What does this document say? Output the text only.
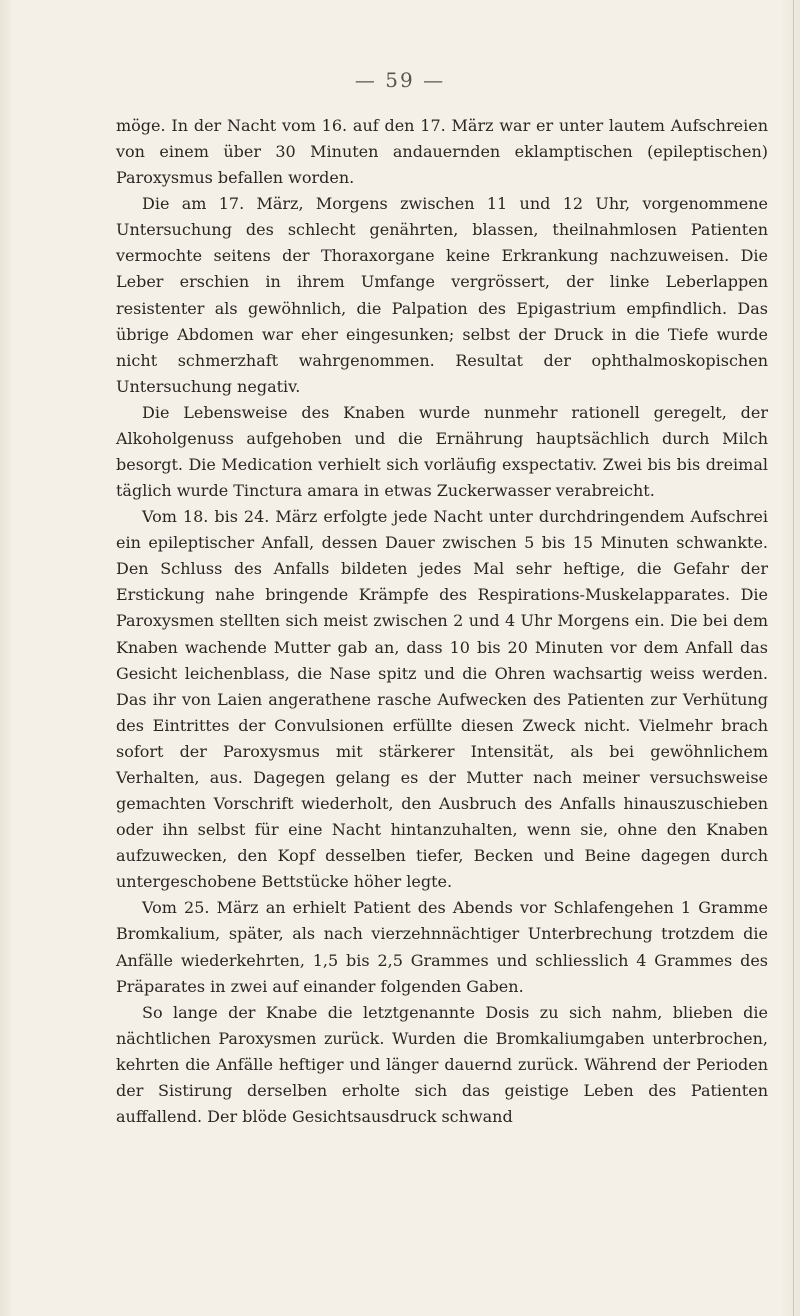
— 59 —

möge. In der Nacht vom 16. auf den 17. März war er unter lautem Aufschreien von einem über 30 Minuten andauernden eklamptischen (epileptischen) Paroxysmus befallen worden.

Die am 17. März, Morgens zwischen 11 und 12 Uhr, vorgenommene Untersuchung des schlecht genährten, blassen, theilnahmlosen Patienten vermochte seitens der Thoraxorgane keine Erkrankung nachzuweisen. Die Leber erschien in ihrem Umfange vergrössert, der linke Leberlappen resistenter als gewöhnlich, die Palpation des Epigastrium empfindlich. Das übrige Abdomen war eher eingesunken; selbst der Druck in die Tiefe wurde nicht schmerzhaft wahrgenommen. Resultat der ophthalmoskopischen Untersuchung negativ.

Die Lebensweise des Knaben wurde nunmehr rationell geregelt, der Alkoholgenuss aufgehoben und die Ernährung hauptsächlich durch Milch besorgt. Die Medication verhielt sich vorläufig exspectativ. Zwei bis bis dreimal täglich wurde Tinctura amara in etwas Zuckerwasser verabreicht.

Vom 18. bis 24. März erfolgte jede Nacht unter durchdringendem Aufschrei ein epileptischer Anfall, dessen Dauer zwischen 5 bis 15 Minuten schwankte. Den Schluss des Anfalls bildeten jedes Mal sehr heftige, die Gefahr der Erstickung nahe bringende Krämpfe des Respirations-Muskelapparates. Die Paroxysmen stellten sich meist zwischen 2 und 4 Uhr Morgens ein. Die bei dem Knaben wachende Mutter gab an, dass 10 bis 20 Minuten vor dem Anfall das Gesicht leichenblass, die Nase spitz und die Ohren wachsartig weiss werden. Das ihr von Laien angerathene rasche Aufwecken des Patienten zur Verhütung des Eintrittes der Convulsionen erfüllte diesen Zweck nicht. Vielmehr brach sofort der Paroxysmus mit stärkerer Intensität, als bei gewöhnlichem Verhalten, aus. Dagegen gelang es der Mutter nach meiner versuchsweise gemachten Vorschrift wiederholt, den Ausbruch des Anfalls hinauszuschieben oder ihn selbst für eine Nacht hintanzuhalten, wenn sie, ohne den Knaben aufzuwecken, den Kopf desselben tiefer, Becken und Beine dagegen durch untergeschobene Bettstücke höher legte.

Vom 25. März an erhielt Patient des Abends vor Schlafengehen 1 Gramme Bromkalium, später, als nach vierzehnnächtiger Unterbrechung trotzdem die Anfälle wiederkehrten, 1,5 bis 2,5 Grammes und schliesslich 4 Grammes des Präparates in zwei auf einander folgenden Gaben.

So lange der Knabe die letztgenannte Dosis zu sich nahm, blieben die nächtlichen Paroxysmen zurück. Wurden die Bromkaliumgaben unterbrochen, kehrten die Anfälle heftiger und länger dauernd zurück. Während der Perioden der Sistirung derselben erholte sich das geistige Leben des Patienten auffallend. Der blöde Gesichtsausdruck schwand
